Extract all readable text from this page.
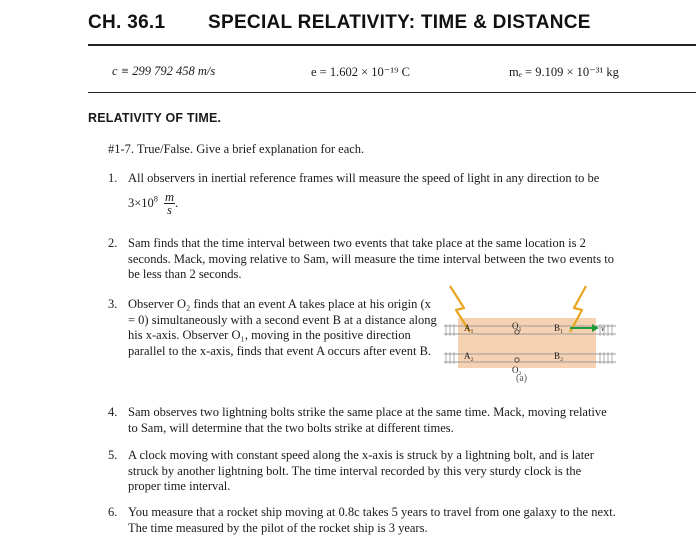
CH. 36.1 SPECIAL RELATIVITY: TIME & DISTANCE
c ≡ 299 792 458 m/s	e = 1.602 × 10⁻¹⁹ C	mₑ = 9.109 × 10⁻³¹ kg
RELATIVITY OF TIME.
#1-7. True/False. Give a brief explanation for each.
1. All observers in inertial reference frames will measure the speed of light in any direction to be
$3\times 10^8 \frac{m}{s}$ .
2. Sam finds that the time interval between two events that take place at the same location is 2
seconds. Mack, moving relative to Sam, will measure the time interval between the two events to
be less than 2 seconds.
3. Observer O₂ finds that an event A takes place at his origin (x
= 0) simultaneously with a second event B at a distance along
his x-axis. Observer O₁, moving in the positive direction
parallel to the x-axis, finds that event A occurs after event B.
A₁
A₂
O₁
O₂
B₁
B₂
v
(a)
4. Sam observes two lightning bolts strike the same place at the same time. Mack, moving relative
to Sam, will determine that the two bolts strike at different times.
5. A clock moving with constant speed along the x-axis is struck by a lightning bolt, and is later
struck by another lightning bolt. The time interval recorded by this very sturdy clock is the
proper time interval.
6. You measure that a rocket ship moving at 0.8c takes 5 years to travel from one galaxy to the next.
The time measured by the pilot of the rocket ship is 3 years.
